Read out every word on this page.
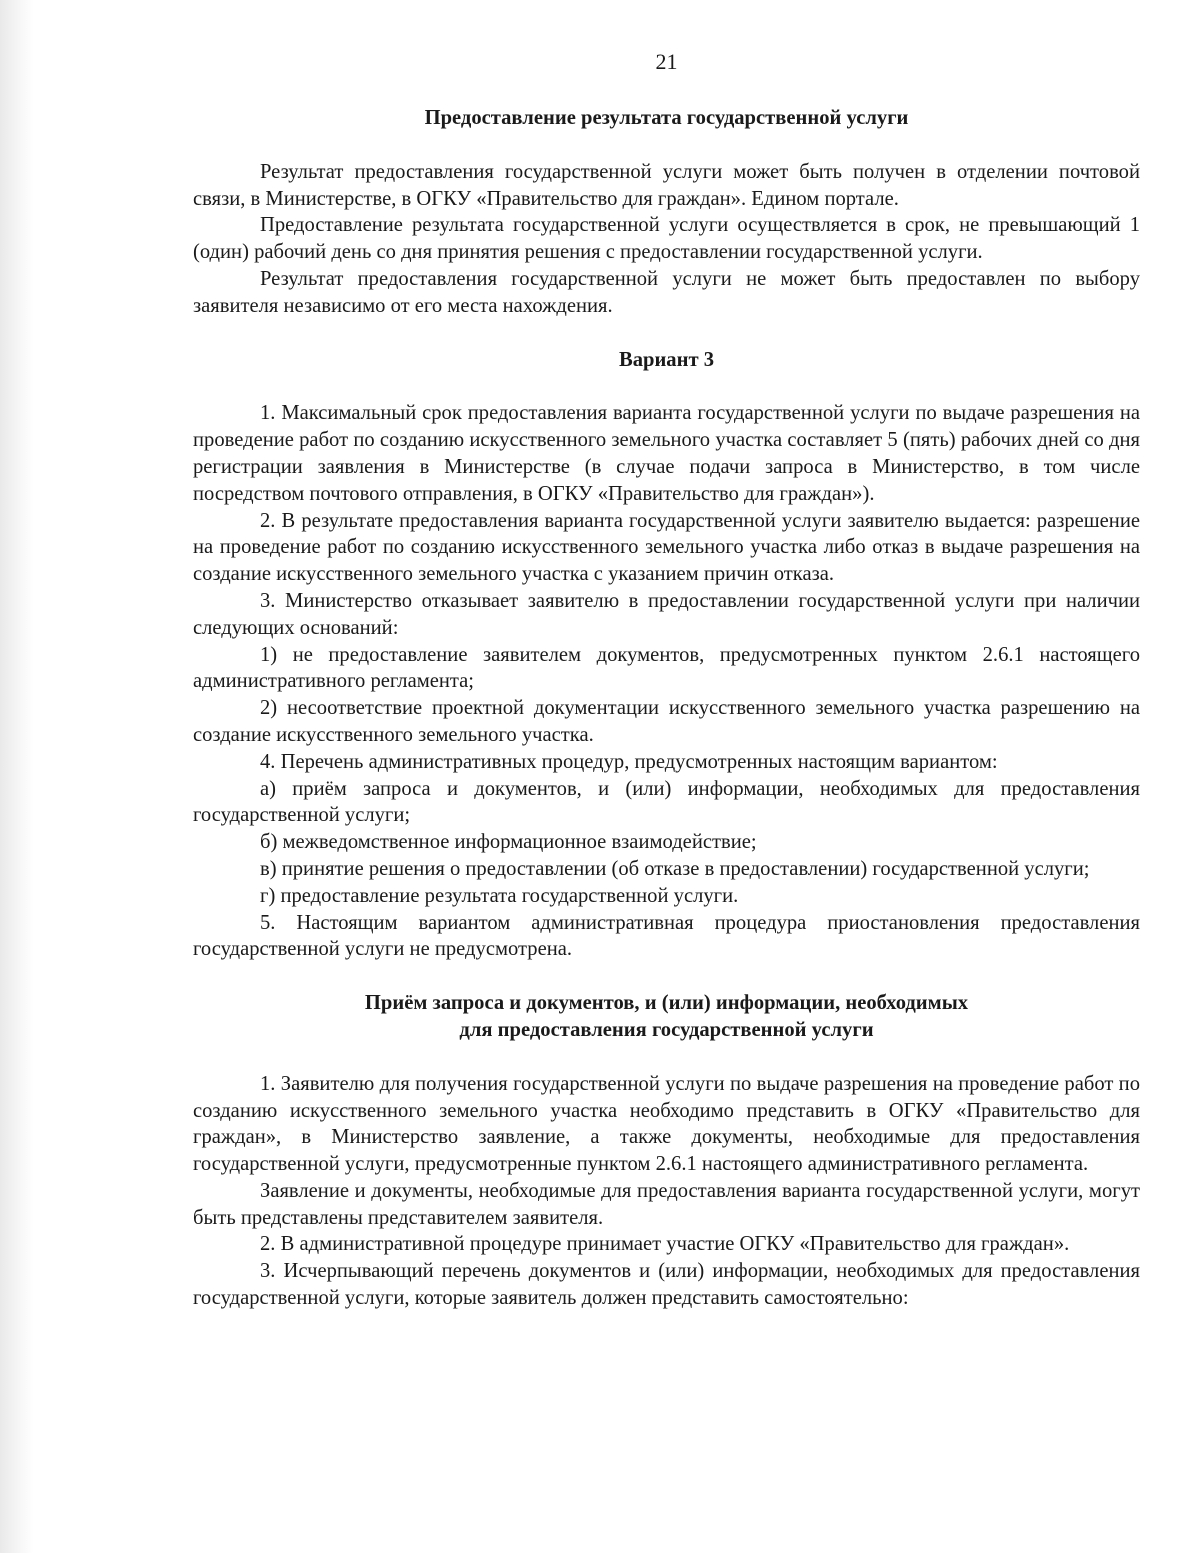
21

Предоставление результата государственной услуги

Результат предоставления государственной услуги может быть получен в отделении почтовой связи, в Министерстве, в ОГКУ «Правительство для граждан». Едином портале.

Предоставление результата государственной услуги осуществляется в срок, не превышающий 1 (один) рабочий день со дня принятия решения с предоставлении государственной услуги.

Результат предоставления государственной услуги не может быть предоставлен по выбору заявителя независимо от его места нахождения.

Вариант 3

1. Максимальный срок предоставления варианта государственной услуги по выдаче разрешения на проведение работ по созданию искусственного земельного участка составляет 5 (пять) рабочих дней со дня регистрации заявления в Министерстве (в случае подачи запроса в Министерство, в том числе посредством почтового отправления, в ОГКУ «Правительство для граждан»).

2. В результате предоставления варианта государственной услуги заявителю выдается: разрешение на проведение работ по созданию искусственного земельного участка либо отказ в выдаче разрешения на создание искусственного земельного участка с указанием причин отказа.

3. Министерство отказывает заявителю в предоставлении государственной услуги при наличии следующих оснований:

1) не предоставление заявителем документов, предусмотренных пунктом 2.6.1 настоящего административного регламента;

2) несоответствие проектной документации искусственного земельного участка разрешению на создание искусственного земельного участка.

4. Перечень административных процедур, предусмотренных настоящим вариантом:

а) приём запроса и документов, и (или) информации, необходимых для предоставления государственной услуги;

б) межведомственное информационное взаимодействие;

в) принятие решения о предоставлении (об отказе в предоставлении) государственной услуги;

г) предоставление результата государственной услуги.

5. Настоящим вариантом административная процедура приостановления предоставления государственной услуги не предусмотрена.

Приём запроса и документов, и (или) информации, необходимых
для предоставления государственной услуги

1. Заявителю для получения государственной услуги по выдаче разрешения на проведение работ по созданию искусственного земельного участка необходимо представить в ОГКУ «Правительство для граждан», в Министерство заявление, а также документы, необходимые для предоставления государственной услуги, предусмотренные пунктом 2.6.1 настоящего административного регламента.

Заявление и документы, необходимые для предоставления варианта государственной услуги, могут быть представлены представителем заявителя.

2. В административной процедуре принимает участие ОГКУ «Правительство для граждан».

3. Исчерпывающий перечень документов и (или) информации, необходимых для предоставления государственной услуги, которые заявитель должен представить самостоятельно:
